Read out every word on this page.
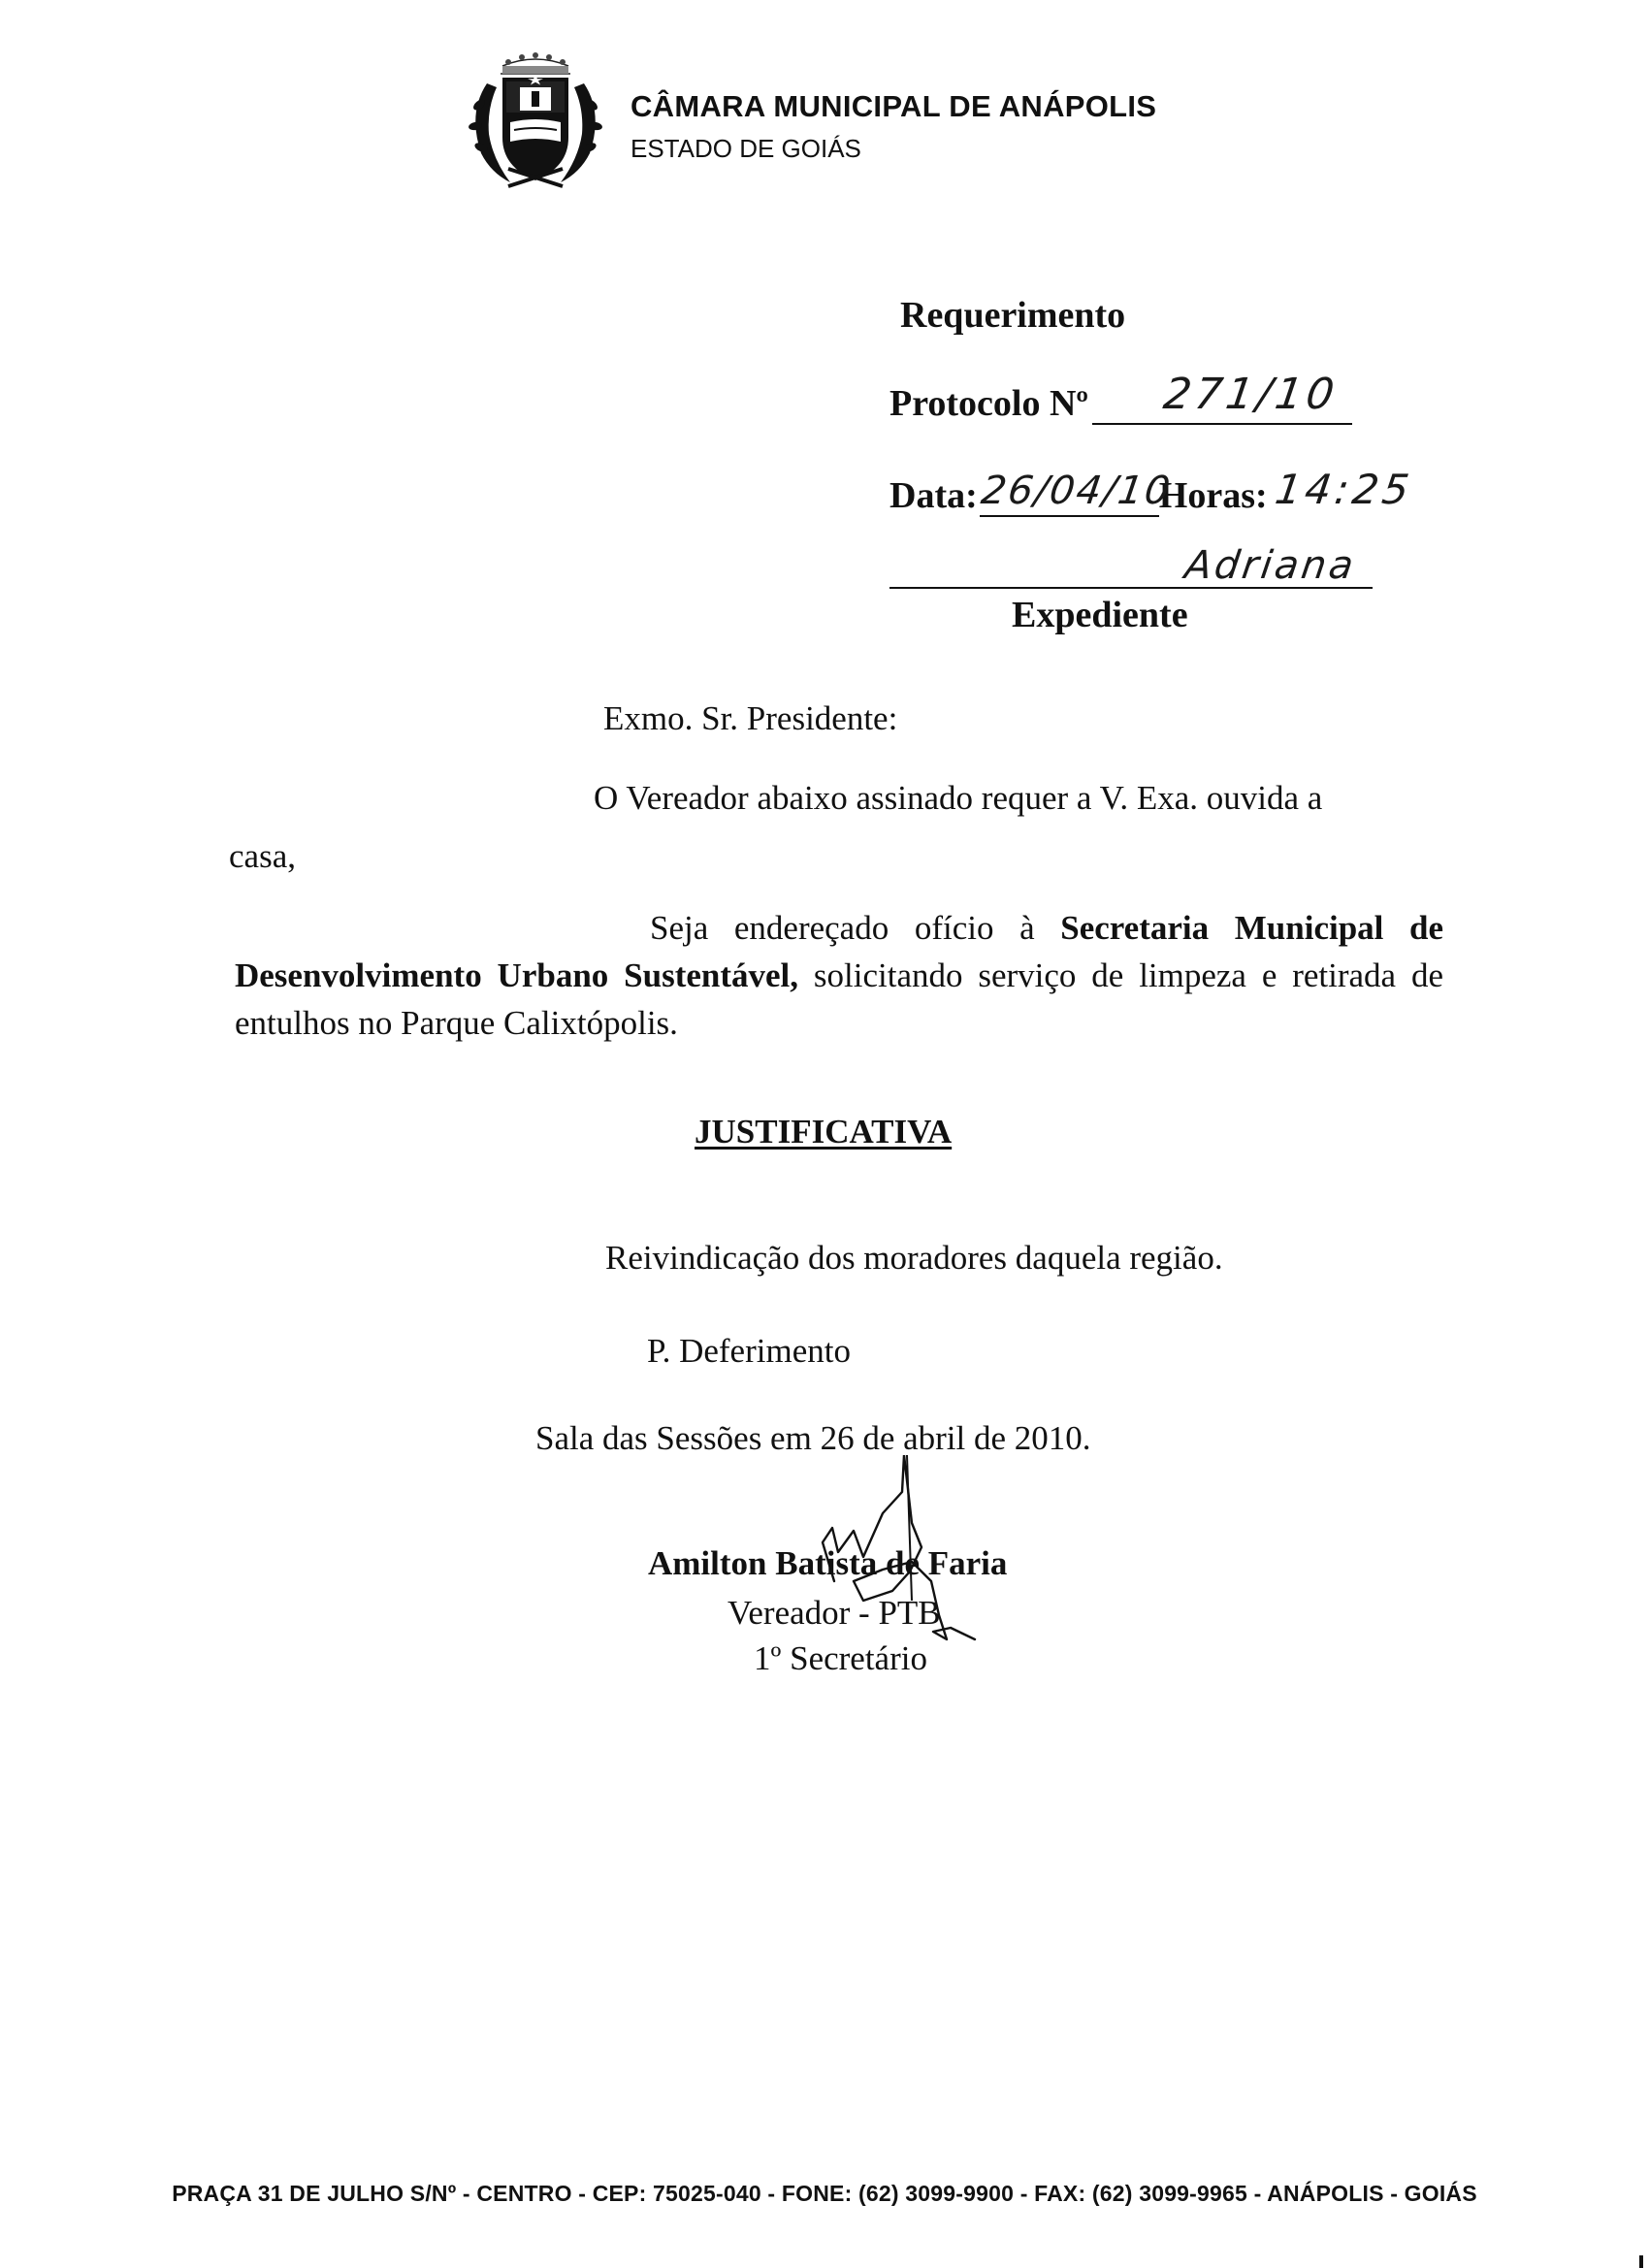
CÂMARA MUNICIPAL DE ANÁPOLIS
ESTADO DE GOIÁS
Requerimento
Protocolo Nº 271/10
Data: 26/04/10
Horas: 14:25
Adriana
Expediente
Exmo. Sr. Presidente:
O Vereador abaixo assinado requer a V. Exa. ouvida a
casa,
Seja endereçado ofício à Secretaria Municipal de Desenvolvimento Urbano Sustentável, solicitando serviço de limpeza e retirada de entulhos no Parque Calixtópolis.
JUSTIFICATIVA
Reivindicação dos moradores daquela região.
P. Deferimento
Sala das Sessões em 26 de abril de 2010.
Amilton Batista de Faria
Vereador - PTB
1º Secretário
PRAÇA 31 DE JULHO S/Nº - CENTRO - CEP: 75025-040 - FONE: (62) 3099-9900 - FAX: (62) 3099-9965 - ANÁPOLIS - GOIÁS
